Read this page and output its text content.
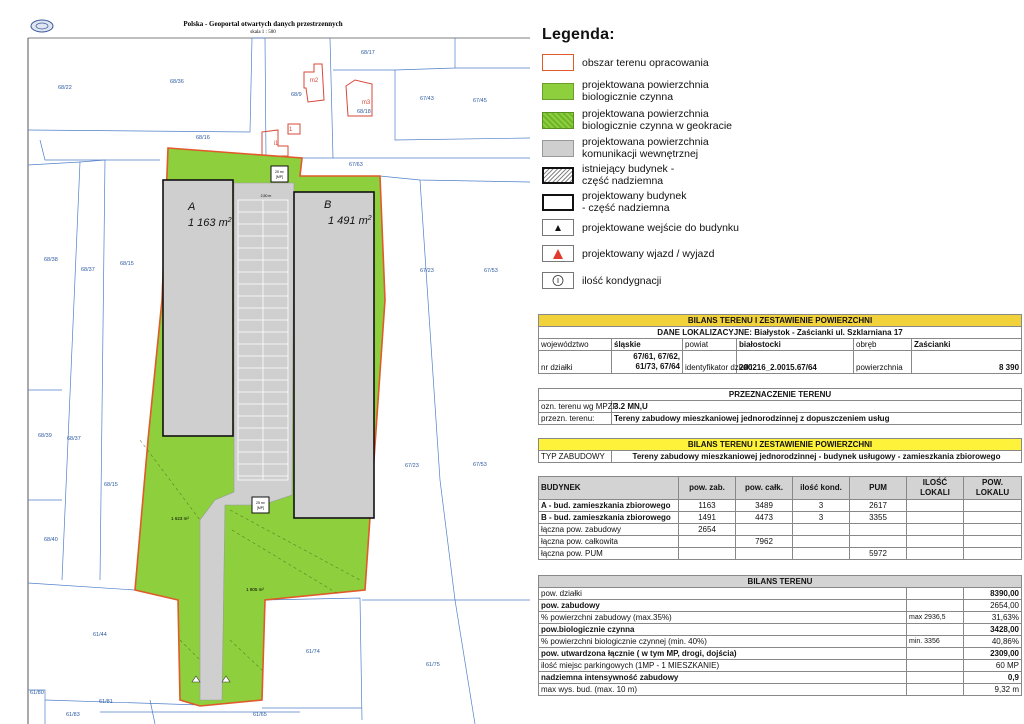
Polska - Geoportal otwartych danych przestrzennych
skala 1 : 500
A
1 163 $m^2$
B
1 491 $m^2$
25 m²
[MP]
25 m²
[MP]
2,50 m
1 623 m²
1 805 m²
m2
m3
i1
i1
68/22
68/36
68/16
68/9
68/17
68/18
67/43	67/45
67/63
68/38
68/37
68/15
67/23	67/53
68/39	68/37
68/15
67/23	67/53
68/40
61/44
61/74
61/75
61/80
61/81
61/83	61/65
Legenda:
obszar terenu opracowania
projektowana powierzchnia
biologicznie czynna
projektowana powierzchnia
biologicznie czynna w geokracie
projektowana powierzchnia
komunikacji wewnętrznej
istniejący budynek -
część nadziemna
projektowany budynek
- część nadziemna
projektowane wejście do budynku
projektowany wjazd / wyjazd
ilość kondygnacji
BILANS TERENU I ZESTAWIENIE POWIERZCHNI					
DANE LOKALIZACYJNE: Białystok - Zaścianki ul. Szklarniana 17					
województwo	śląskie	powiat	białostocki	obręb	Zaścianki
nr działki	67/61, 67/62, 61/73, 67/64	identyfikator działki	200216_2.0015.67/64	powierzchnia	8 390
PRZEZNACZENIE TERENU	
ozn. terenu wg MPZP	3.2 MN,U
przezn. terenu:	Tereny zabudowy mieszkaniowej jednorodzinnej z dopuszczeniem usług
BILANS TERENU I ZESTAWIENIE POWIERZCHNI
TYP ZABUDOWY	Tereny zabudowy mieszkaniowej jednorodzinnej - budynek usługowy - zamieszkania zbiorowego
BUDYNEK	pow. zab.	pow. całk.	ilość kond.	PUM	ILOŚĆ LOKALI	POW. LOKALU
A - bud. zamieszkania zbiorowego	1163	3489	3	2617		
B - bud. zamieszkania zbiorowego	1491	4473	3	3355		
łączna pow. zabudowy	2654					
łączna pow. całkowita		7962				
łączna pow. PUM				5972		
BILANS TERENU		
pow. działki		8390,00
pow. zabudowy		2654,00
% powierzchni zabudowy (max.35%)	max 2936,5	31,63%
pow.biologicznie czynna		3428,00
% powierzchni biologicznie czynnej (min. 40%)	min. 3356	40,86%
pow. utwardzona łącznie ( w tym MP, drogi, dojścia)		2309,00
ilość miejsc parkingowych (1MP - 1 MIESZKANIE)		60 MP
nadziemna intensywność zabudowy		0,9
max wys. bud. (max. 10 m)		9,32 m
